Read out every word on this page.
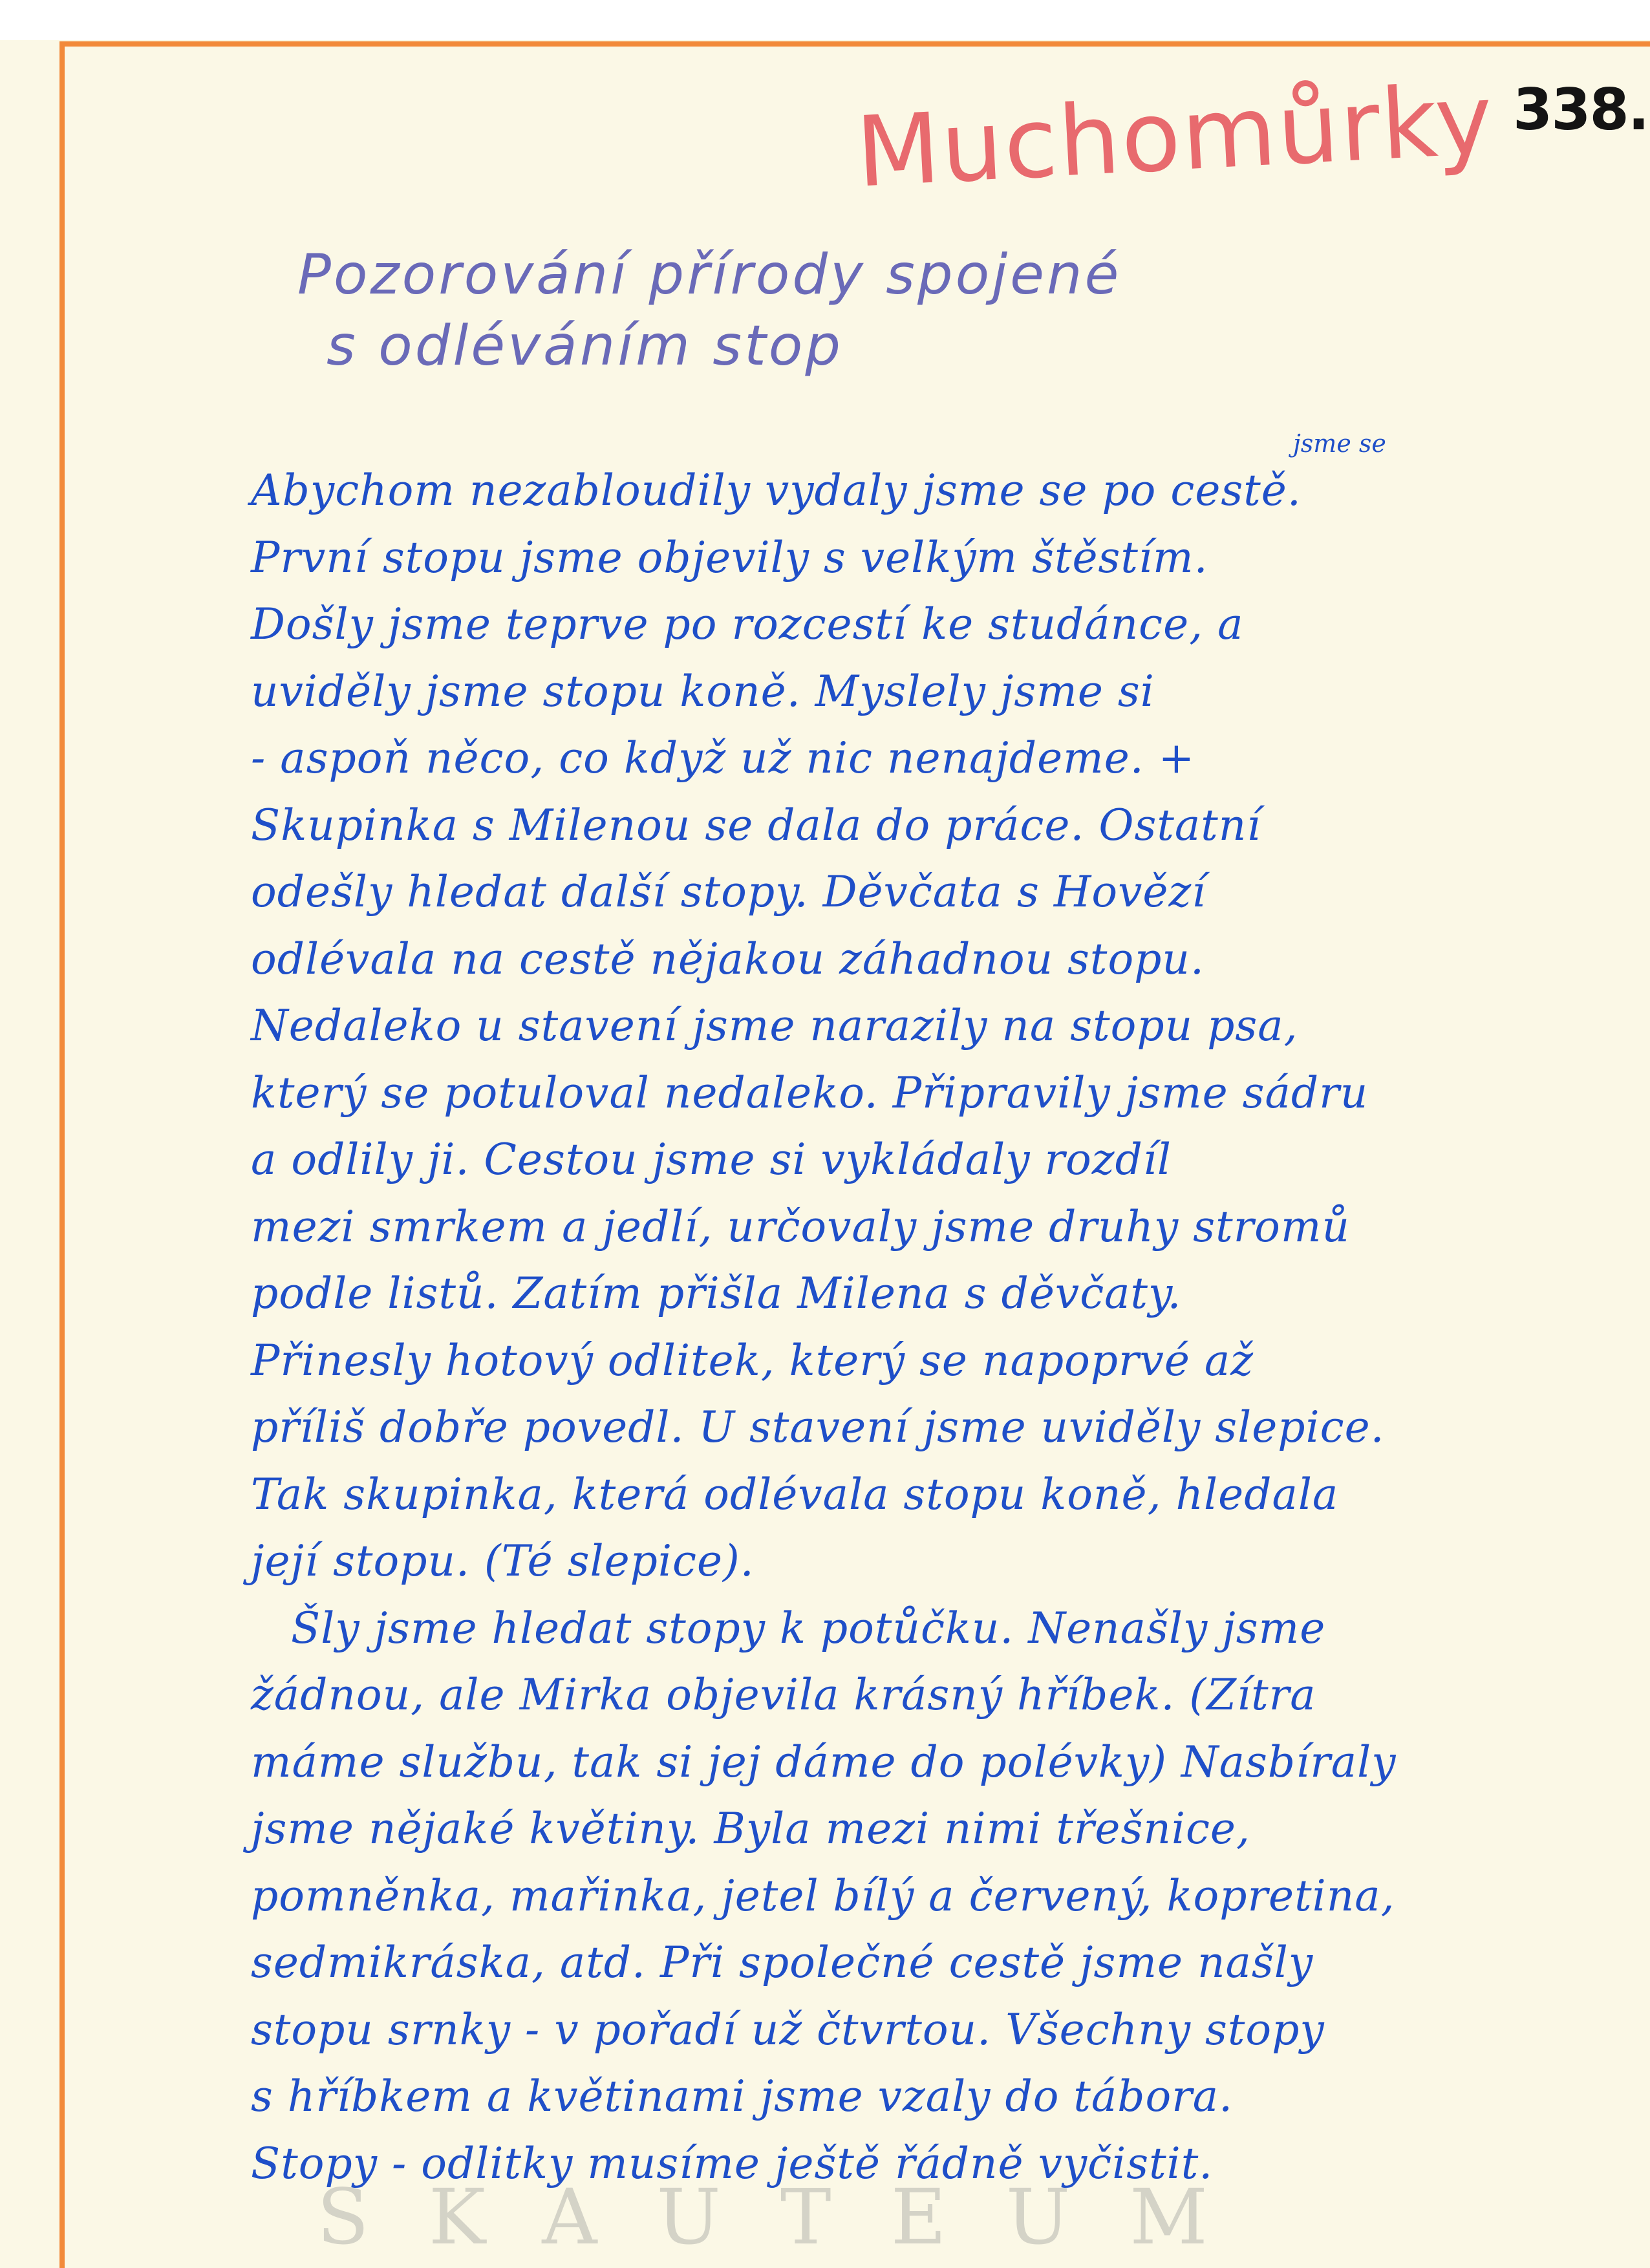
338.
Muchomůrky
Pozorování přírody spojené
s odléváním stop
jsme se
Abychom nezabloudily vydaly jsme se po cestě.
První stopu jsme objevily s velkým štěstím.
Došly jsme teprve po rozcestí ke studánce, a
uviděly jsme stopu koně. Myslely jsme si
- aspoň něco, co když už nic nenajdeme. +
Skupinka s Milenou se dala do práce. Ostatní
odešly hledat další stopy. Děvčata s Hovězí
odlévala na cestě nějakou záhadnou stopu.
Nedaleko u stavení jsme narazily na stopu psa,
který se potuloval nedaleko. Připravily jsme sádru
a odlily ji. Cestou jsme si vykládaly rozdíl
mezi smrkem a jedlí, určovaly jsme druhy stromů
podle listů. Zatím přišla Milena s děvčaty.
Přinesly hotový odlitek, který se napoprvé až
příliš dobře povedl. U stavení jsme uviděly slepice.
Tak skupinka, která odlévala stopu koně, hledala
její stopu. (Té slepice).
Šly jsme hledat stopy k potůčku. Nenašly jsme
žádnou, ale Mirka objevila krásný hříbek. (Zítra
máme službu, tak si jej dáme do polévky) Nasbíraly
jsme nějaké květiny. Byla mezi nimi třešnice,
pomněnka, mařinka, jetel bílý a červený, kopretina,
sedmikráska, atd. Při společné cestě jsme našly
stopu srnky - v pořadí už čtvrtou. Všechny stopy
s hříbkem a květinami jsme vzaly do tábora.
Stopy - odlitky musíme ještě řádně vyčistit.
SKAUTEUM
